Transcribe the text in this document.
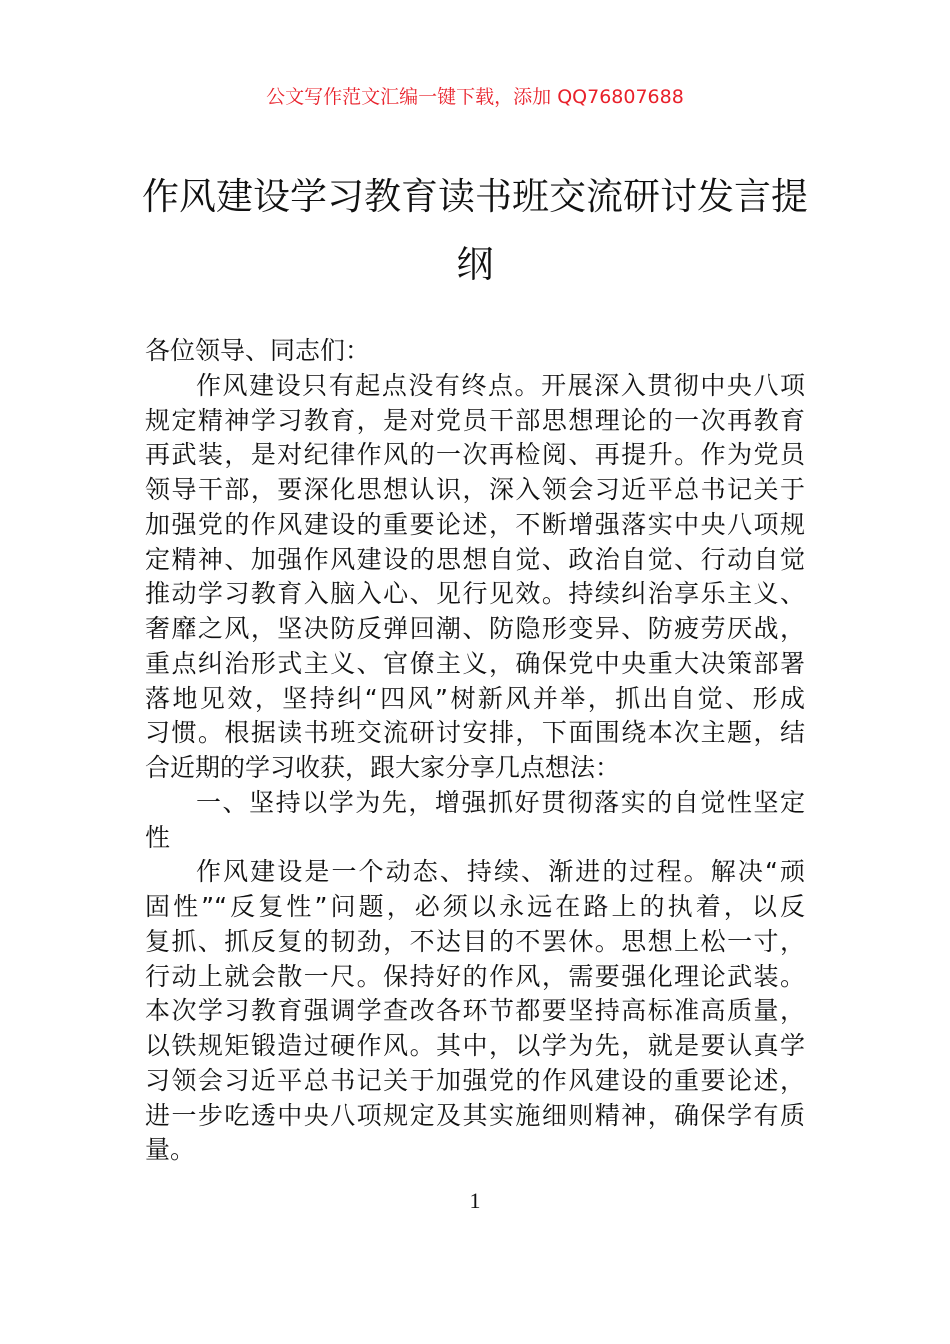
公文写作范文汇编一键下载，添加 QQ76807688
作风建设学习教育读书班交流研讨发言提
纲
各位领导、同志们：
作风建设只有起点没有终点。开展深入贯彻中央八项
规定精神学习教育，是对党员干部思想理论的一次再教育
再武装，是对纪律作风的一次再检阅、再提升。作为党员
领导干部，要深化思想认识，深入领会习近平总书记关于
加强党的作风建设的重要论述，不断增强落实中央八项规
定精神、加强作风建设的思想自觉、政治自觉、行动自觉
推动学习教育入脑入心、见行见效。持续纠治享乐主义、
奢靡之风，坚决防反弹回潮、防隐形变异、防疲劳厌战，
重点纠治形式主义、官僚主义，确保党中央重大决策部署
落地见效，坚持纠“四风”树新风并举，抓出自觉、形成
习惯。根据读书班交流研讨安排，下面围绕本次主题，结
合近期的学习收获，跟大家分享几点想法：
一、坚持以学为先，增强抓好贯彻落实的自觉性坚定
性
作风建设是一个动态、持续、渐进的过程。解决“顽
固性”“反复性”问题，必须以永远在路上的执着，以反
复抓、抓反复的韧劲，不达目的不罢休。思想上松一寸，
行动上就会散一尺。保持好的作风，需要强化理论武装。
本次学习教育强调学查改各环节都要坚持高标准高质量，
以铁规矩锻造过硬作风。其中，以学为先，就是要认真学
习领会习近平总书记关于加强党的作风建设的重要论述，
进一步吃透中央八项规定及其实施细则精神，确保学有质
量。
1
